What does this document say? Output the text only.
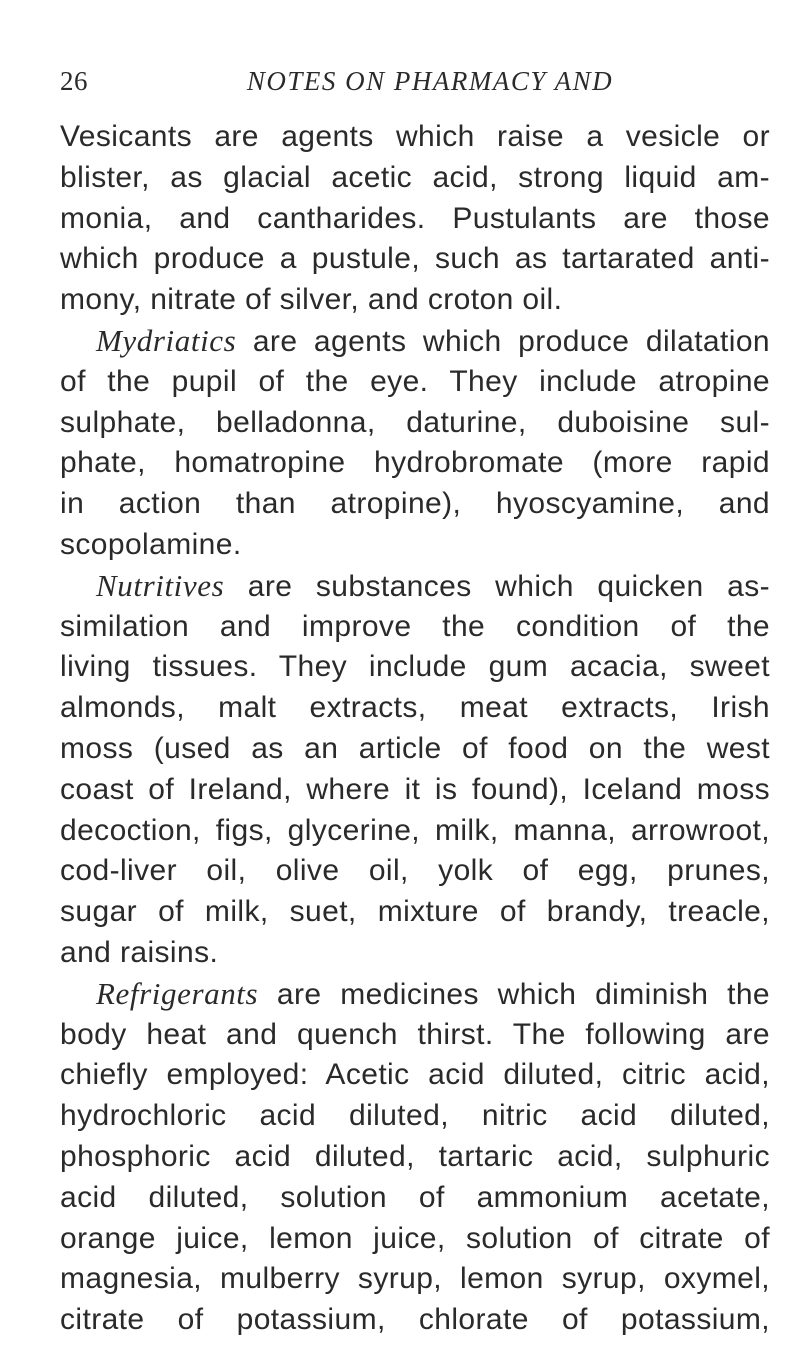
26	NOTES ON PHARMACY AND
Vesicants are agents which raise a vesicle or
blister, as glacial acetic acid, strong liquid am-
monia, and cantharides. Pustulants are those
which produce a pustule, such as tartarated anti-
mony, nitrate of silver, and croton oil.
Mydriatics are agents which produce dilatation
of the pupil of the eye. They include atropine
sulphate, belladonna, daturine, duboisine sul-
phate, homatropine hydrobromate (more rapid
in action than atropine), hyoscyamine, and
scopolamine.
Nutritives are substances which quicken as-
similation and improve the condition of the
living tissues. They include gum acacia, sweet
almonds, malt extracts, meat extracts, Irish
moss (used as an article of food on the west
coast of Ireland, where it is found), Iceland moss
decoction, figs, glycerine, milk, manna, arrowroot,
cod-liver oil, olive oil, yolk of egg, prunes,
sugar of milk, suet, mixture of brandy, treacle,
and raisins.
Refrigerants are medicines which diminish the
body heat and quench thirst. The following are
chiefly employed: Acetic acid diluted, citric acid,
hydrochloric acid diluted, nitric acid diluted,
phosphoric acid diluted, tartaric acid, sulphuric
acid diluted, solution of ammonium acetate,
orange juice, lemon juice, solution of citrate of
magnesia, mulberry syrup, lemon syrup, oxymel,
citrate of potassium, chlorate of potassium,
